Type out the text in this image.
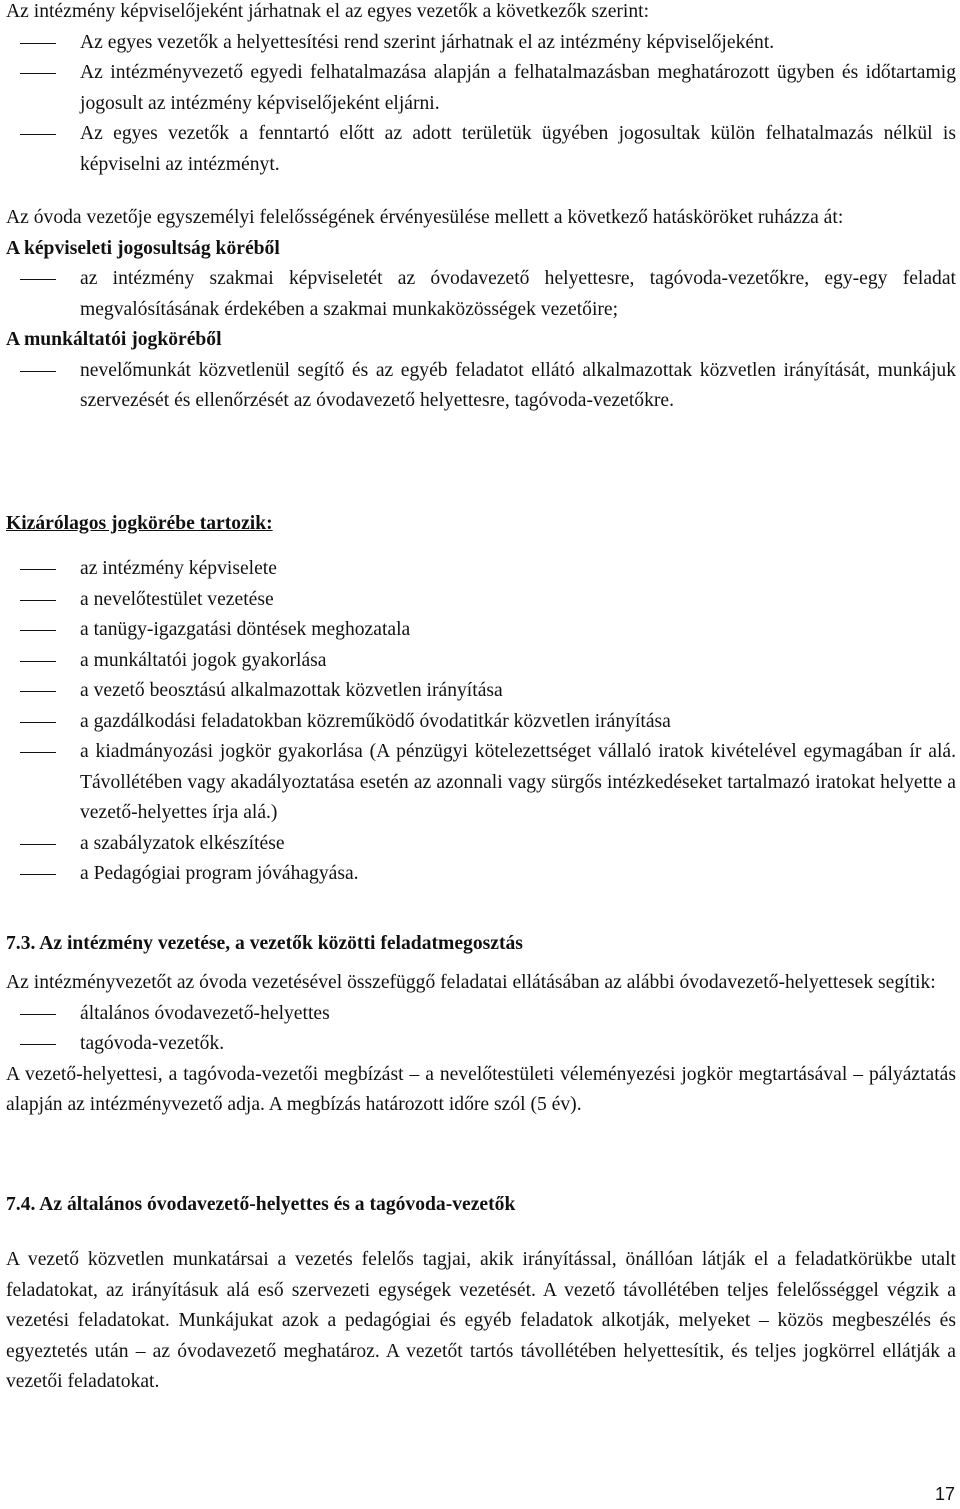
Az intézmény képviselőjeként járhatnak el az egyes vezetők a következők szerint:
Az egyes vezetők a helyettesítési rend szerint járhatnak el az intézmény képviselőjeként.
Az intézményvezető egyedi felhatalmazása alapján a felhatalmazásban meghatározott ügyben és időtartamig jogosult az intézmény képviselőjeként eljárni.
Az egyes vezetők a fenntartó előtt az adott területük ügyében jogosultak külön felhatalmazás nélkül is képviselni az intézményt.
Az óvoda vezetője egyszemélyi felelősségének érvényesülése mellett a következő hatásköröket ruházza át:
A képviseleti jogosultság köréből
az intézmény szakmai képviseletét az óvodavezető helyettesre, tagóvoda-vezetőkre, egy-egy feladat megvalósításának érdekében a szakmai munkaközösségek vezetőire;
A munkáltatói jogköréből
nevelőmunkát közvetlenül segítő és az egyéb feladatot ellátó alkalmazottak közvetlen irányítását, munkájuk szervezését és ellenőrzését az óvodavezető helyettesre, tagóvoda-vezetőkre.
Kizárólagos jogkörébe tartozik:
az intézmény képviselete
a nevelőtestület vezetése
a tanügy-igazgatási döntések meghozatala
a munkáltatói jogok gyakorlása
a vezető beosztású alkalmazottak közvetlen irányítása
a gazdálkodási feladatokban közreműködő óvodatitkár közvetlen irányítása
a kiadmányozási jogkör gyakorlása (A pénzügyi kötelezettséget vállaló iratok kivételével egymagában ír alá. Távollétében vagy akadályoztatása esetén az azonnali vagy sürgős intézkedéseket tartalmazó iratokat helyette a vezető-helyettes írja alá.)
a szabályzatok elkészítése
a Pedagógiai program jóváhagyása.
7.3. Az intézmény vezetése, a vezetők közötti feladatmegosztás
Az intézményvezetőt az óvoda vezetésével összefüggő feladatai ellátásában az alábbi óvodavezető-helyettesek segítik:
általános óvodavezető-helyettes
tagóvoda-vezetők.
A vezető-helyettesi, a tagóvoda-vezetői megbízást – a nevelőtestületi véleményezési jogkör megtartásával – pályáztatás alapján az intézményvezető adja. A megbízás határozott időre szól (5 év).
7.4. Az általános óvodavezető-helyettes és a tagóvoda-vezetők
A vezető közvetlen munkatársai a vezetés felelős tagjai, akik irányítással, önállóan látják el a feladatkörükbe utalt feladatokat, az irányításuk alá eső szervezeti egységek vezetését. A vezető távollétében teljes felelősséggel végzik a vezetési feladatokat. Munkájukat azok a pedagógiai és egyéb feladatok alkotják, melyeket – közös megbeszélés és egyeztetés után – az óvodavezető meghatároz. A vezetőt tartós távollétében helyettesítik, és teljes jogkörrel ellátják a vezetői feladatokat.
17
